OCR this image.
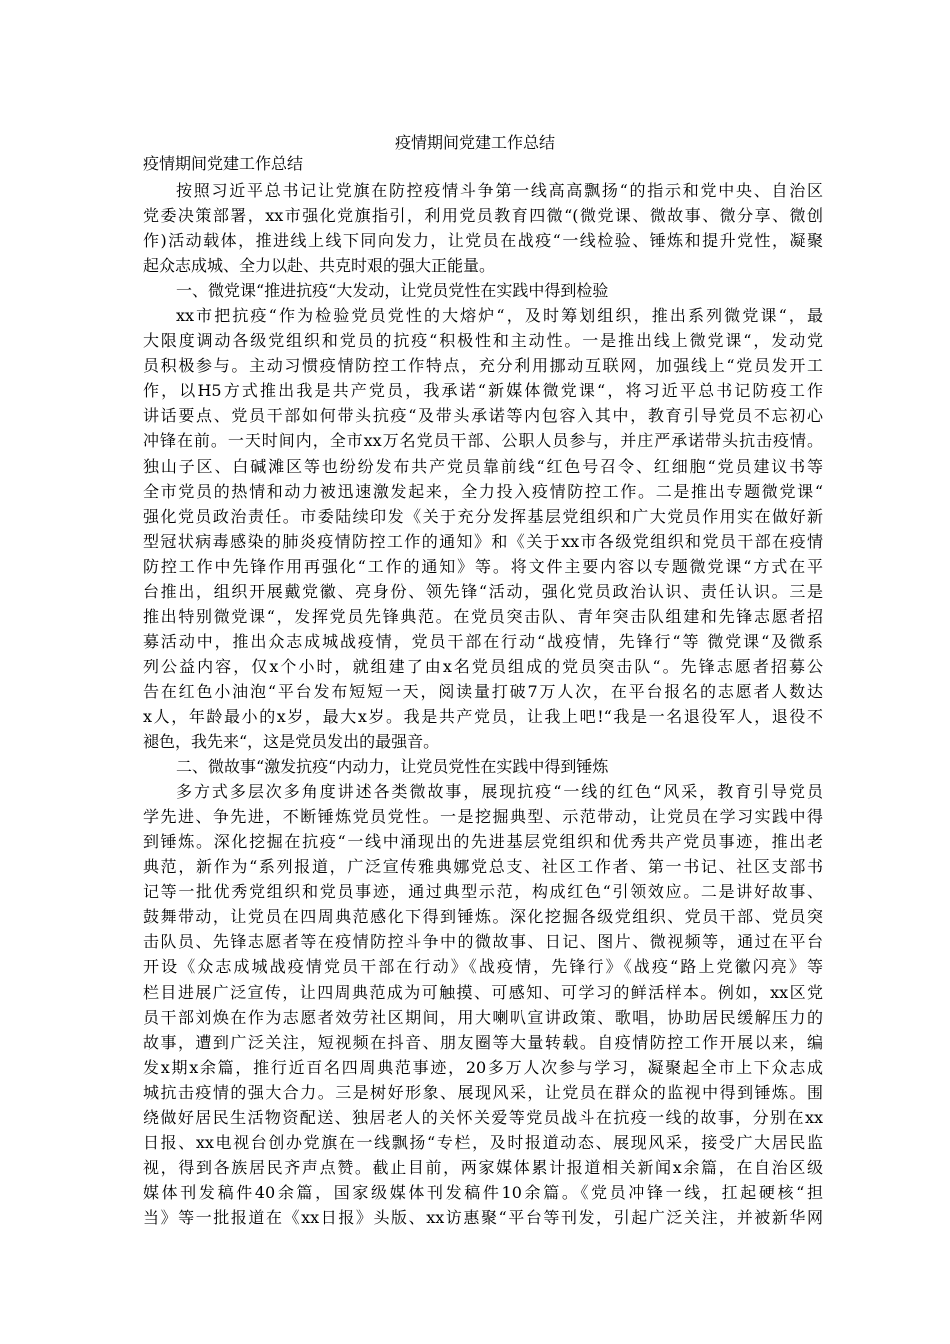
疫情期间党建工作总结
疫情期间党建工作总结
按照习近平总书记让党旗在防控疫情斗争第一线高高飘扬“的指示和党中央、自治区
党委决策部署，xx市强化党旗指引，利用党员教育四微“(微党课、微故事、微分享、微创
作)活动载体，推进线上线下同向发力，让党员在战疫“一线检验、锤炼和提升党性，凝聚
起众志成城、全力以赴、共克时艰的强大正能量。
一、微党课“推进抗疫“大发动，让党员党性在实践中得到检验
xx市把抗疫“作为检验党员党性的大熔炉“，及时筹划组织，推出系列微党课“，最
大限度调动各级党组织和党员的抗疫“积极性和主动性。一是推出线上微党课“，发动党
员积极参与。主动习惯疫情防控工作特点，充分利用挪动互联网，加强线上“党员发开工
作，以H5方式推出我是共产党员，我承诺“新媒体微党课“，将习近平总书记防疫工作
讲话要点、党员干部如何带头抗疫“及带头承诺等内包容入其中，教育引导党员不忘初心
冲锋在前。一天时间内，全市xx万名党员干部、公职人员参与，并庄严承诺带头抗击疫情。
独山子区、白碱滩区等也纷纷发布共产党员靠前线“红色号召令、红细胞“党员建议书等
全市党员的热情和动力被迅速激发起来，全力投入疫情防控工作。二是推出专题微党课“
强化党员政治责任。市委陆续印发《关于充分发挥基层党组织和广大党员作用实在做好新
型冠状病毒感染的肺炎疫情防控工作的通知》和《关于xx市各级党组织和党员干部在疫情
防控工作中先锋作用再强化“工作的通知》等。将文件主要内容以专题微党课“方式在平
台推出，组织开展戴党徽、亮身份、领先锋“活动，强化党员政治认识、责任认识。三是
推出特别微党课“，发挥党员先锋典范。在党员突击队、青年突击队组建和先锋志愿者招
募活动中，推出众志成城战疫情，党员干部在行动“战疫情，先锋行“等 微党课“及微系
列公益内容，仅x个小时，就组建了由x名党员组成的党员突击队“。先锋志愿者招募公
告在红色小油泡“平台发布短短一天，阅读量打破7万人次，在平台报名的志愿者人数达
x人，年龄最小的x岁，最大x岁。我是共产党员，让我上吧!“我是一名退役军人，退役不
褪色，我先来“，这是党员发出的最强音。
二、微故事“激发抗疫“内动力，让党员党性在实践中得到锤炼
多方式多层次多角度讲述各类微故事，展现抗疫“一线的红色“风采，教育引导党员
学先进、争先进，不断锤炼党员党性。一是挖掘典型、示范带动，让党员在学习实践中得
到锤炼。深化挖掘在抗疫“一线中涌现出的先进基层党组织和优秀共产党员事迹，推出老
典范，新作为“系列报道，广泛宣传雅典娜党总支、社区工作者、第一书记、社区支部书
记等一批优秀党组织和党员事迹，通过典型示范，构成红色“引领效应。二是讲好故事、
鼓舞带动，让党员在四周典范感化下得到锤炼。深化挖掘各级党组织、党员干部、党员突
击队员、先锋志愿者等在疫情防控斗争中的微故事、日记、图片、微视频等，通过在平台
开设《众志成城战疫情党员干部在行动》《战疫情，先锋行》《战疫“路上党徽闪亮》等
栏目进展广泛宣传，让四周典范成为可触摸、可感知、可学习的鲜活样本。例如，xx区党
员干部刘焕在作为志愿者效劳社区期间，用大喇叭宣讲政策、歌唱，协助居民缓解压力的
故事，遭到广泛关注，短视频在抖音、朋友圈等大量转载。自疫情防控工作开展以来，编
发x期x余篇，推行近百名四周典范事迹，20多万人次参与学习，凝聚起全市上下众志成
城抗击疫情的强大合力。三是树好形象、展现风采，让党员在群众的监视中得到锤炼。围
绕做好居民生活物资配送、独居老人的关怀关爱等党员战斗在抗疫一线的故事，分别在xx
日报、xx电视台创办党旗在一线飘扬“专栏，及时报道动态、展现风采，接受广大居民监
视，得到各族居民齐声点赞。截止目前，两家媒体累计报道相关新闻x余篇，在自治区级
媒体刊发稿件40余篇，国家级媒体刊发稿件10余篇。《党员冲锋一线，扛起硬核“担
当》等一批报道在《xx日报》头版、xx访惠聚“平台等刊发，引起广泛关注，并被新华网
